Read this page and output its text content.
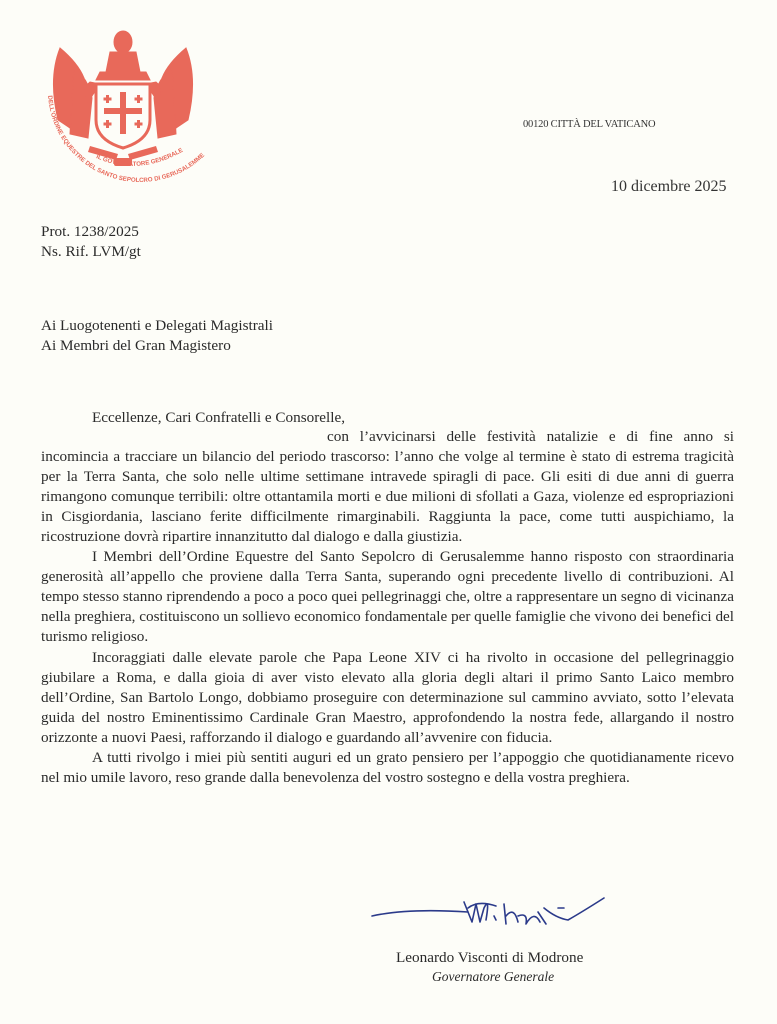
DELL'ORDINE EQUESTRE DEL SANTO SEPOLCRO DI GERUSALEMME
IL GOVERNATORE GENERALE
00120 CITTÀ DEL VATICANO
10 dicembre 2025
Prot. 1238/2025
Ns. Rif. LVM/gt
Ai Luogotenenti e Delegati Magistrali
Ai Membri del Gran Magistero
Eccellenze, Cari Confratelli e Consorelle,

con l’avvicinarsi delle festività natalizie e di fine anno si incomincia a tracciare un bilancio del periodo trascorso: l’anno che volge al termine è stato di estrema tragicità per la Terra Santa, che solo nelle ultime settimane intravede spiragli di pace. Gli esiti di due anni di guerra rimangono comunque terribili: oltre ottantamila morti e due milioni di sfollati a Gaza, violenze ed espropriazioni in Cisgiordania, lasciano ferite difficilmente rimarginabili. Raggiunta la pace, come tutti auspichiamo, la ricostruzione dovrà ripartire innanzitutto dal dialogo e dalla giustizia.

I Membri dell’Ordine Equestre del Santo Sepolcro di Gerusalemme hanno risposto con straordinaria generosità all’appello che proviene dalla Terra Santa, superando ogni precedente livello di contribuzioni. Al tempo stesso stanno riprendendo a poco a poco quei pellegrinaggi che, oltre a rappresentare un segno di vicinanza nella preghiera, costituiscono un sollievo economico fondamentale per quelle famiglie che vivono dei benefici del turismo religioso.

Incoraggiati dalle elevate parole che Papa Leone XIV ci ha rivolto in occasione del pellegrinaggio giubilare a Roma, e dalla gioia di aver visto elevato alla gloria degli altari il primo Santo Laico membro dell’Ordine, San Bartolo Longo, dobbiamo proseguire con determinazione sul cammino avviato, sotto l’elevata guida del nostro Eminentissimo Cardinale Gran Maestro, approfondendo la nostra fede, allargando il nostro orizzonte a nuovi Paesi, rafforzando il dialogo e guardando all’avvenire con fiducia.

A tutti rivolgo i miei più sentiti auguri ed un grato pensiero per l’appoggio che quotidianamente ricevo nel mio umile lavoro, reso grande dalla benevolenza del vostro sostegno e della vostra preghiera.

Leonardo Visconti di Modrone
Governatore Generale
